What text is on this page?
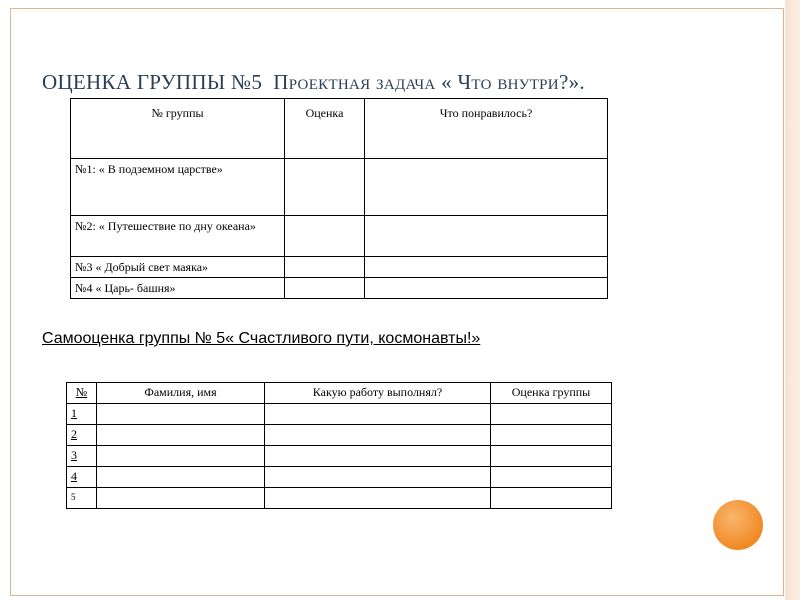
ОЦЕНКА ГРУППЫ №5 Проектная задача « Что внутри?».
№ группы	Оценка	Что понравилось?
№1: « В подземном царстве»		
№2: « Путешествие по дну океана»		
№3 « Добрый свет маяка»		
№4 « Царь- башня»		
Самооценка группы № 5« Счастливого пути, космонавты!»
№	Фамилия, имя	Какую работу выполнял?	Оценка группы
1			
2			
3			
4			
5			
